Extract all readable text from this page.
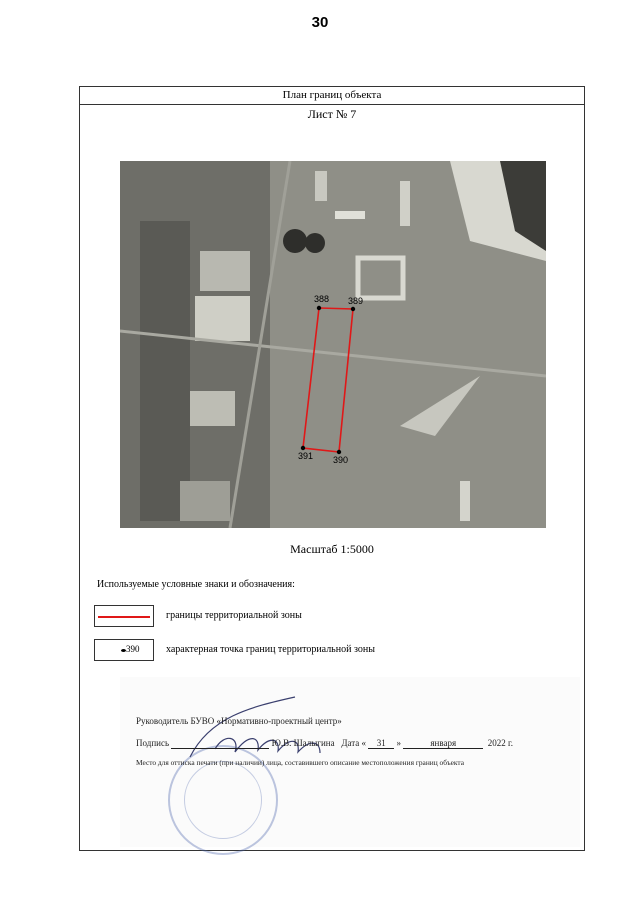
30
План границ объекта
Лист № 7
388 389
390
391
Масштаб 1:5000
Используемые условные знаки и обозначения:
границы территориальной зоны
390	характерная точка границ территориальной зоны
Руководитель БУВО «Нормативно-проектный центр»
Подпись	Ю.В. Шалыгина Дата « 31 »	января	2022 г.
Место для оттиска печати (при наличии) лица, составившего описание местоположения границ объекта
